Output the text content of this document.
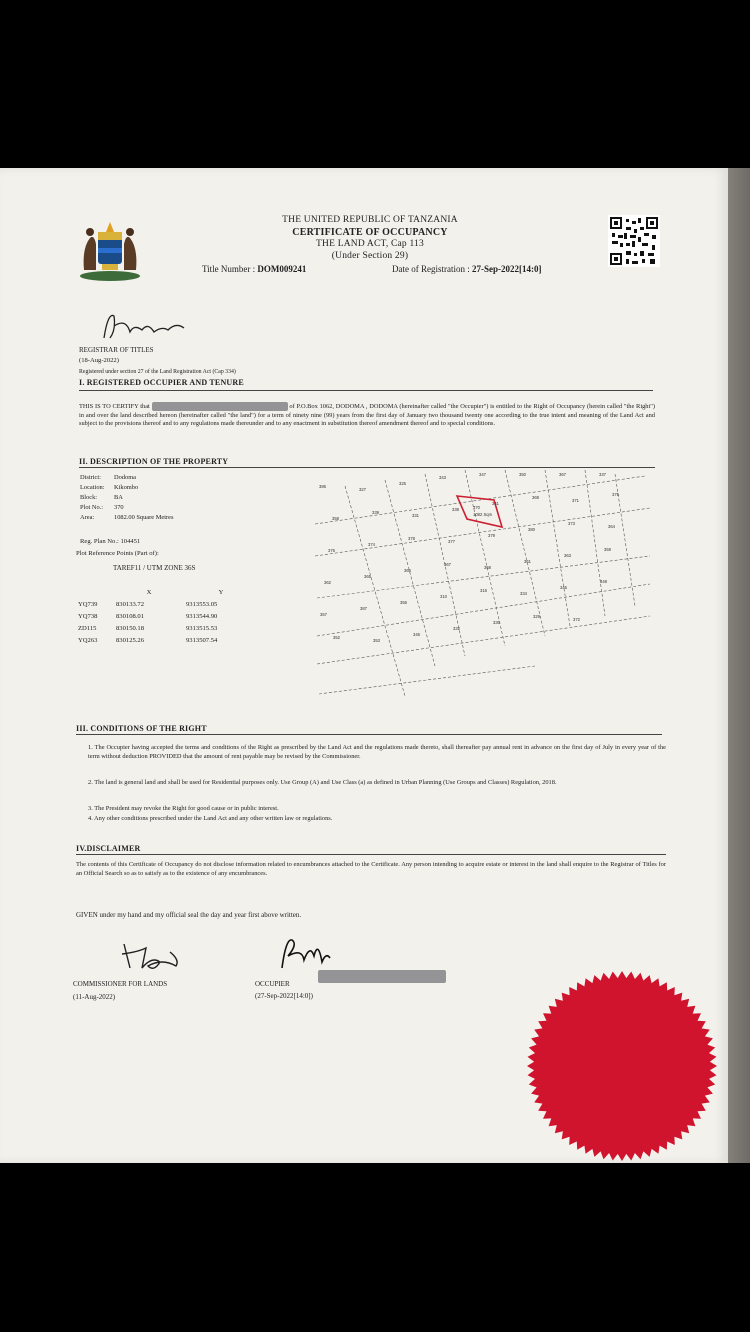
THE UNITED REPUBLIC OF TANZANIA
CERTIFICATE OF OCCUPANCY
THE LAND ACT, Cap 113
(Under Section 29)
Title Number : DOM009241	Date of Registration : 27-Sep-2022[14:0]
REGISTRAR OF TITLES
(18-Aug-2022)
Registered under section 27 of the Land Registration Act (Cap 334)
I. REGISTERED OCCUPIER AND TENURE
THIS IS TO CERTIFY that	of P.O.Box 1062, DODOMA , DODOMA (hereinafter called "the Occupier") is entitled to the Right of Occupancy (herein called "the Right") in and over the land described hereon (hereinafter called "the land") for a term of ninety nine (99) years from the first day of January two thousand twenty one according to the true intent and meaning of the Land Act and subject to the provisions thereof and to any regulations made thereunder and to any enactment in substitution thereof amendment thereof and to special conditions.
II. DESCRIPTION OF THE PROPERTY
District:	Dodoma
Location:	Kikombo
Block:	BA
Plot No.:	370
Area:	1082.00 Square Metres
Reg. Plan No.: 104451
Plot Reference Points (Part of):
TAREF11 / UTM ZONE 36S
	X	Y
YQ739	830133.72	9313553.05
YQ738	830108.01	9313544.90
ZD115	830150.18	9313515.53
YQ263	830125.26	9313507.54
386
327
325
343
347	350	367	337
358
339
331
338
341
369
371
375
376
374
378
377
379
380
373
364
362
365
366
367
368
361
363
359
357
387
356
310
316
334
345
348
352
353
346
332
330
329
372
370
1082 Sqm
III. CONDITIONS OF THE RIGHT
1. The Occupier having accepted the terms and conditions of the Right as prescribed by the Land Act and the regulations made thereto, shall thereafter pay annual rent in advance on the first day of July in every year of the term without deduction PROVIDED that the amount of rent payable may be revised by the Commissioner.
2. The land is general land and shall be used for Residential purposes only. Use Group (A) and Use Class (a) as defined in Urban Planning (Use Groups and Classes) Regulation, 2018.
3. The President may revoke the Right for good cause or in public interest.
4. Any other conditions prescribed under the Land Act and any other written law or regulations.
IV.DISCLAIMER
The contents of this Certificate of Occupancy do not disclose information related to encumbrances attached to the Certificate. Any person intending to acquire estate or interest in the land shall enquire to the Registrar of Titles for an Official Search so as to satisfy as to the existence of any encumbrances.
GIVEN under my hand and my official seal the day and year first above written.
COMMISSIONER FOR LANDS
(11-Aug-2022)
OCCUPIER
(27-Sep-2022[14:0])
